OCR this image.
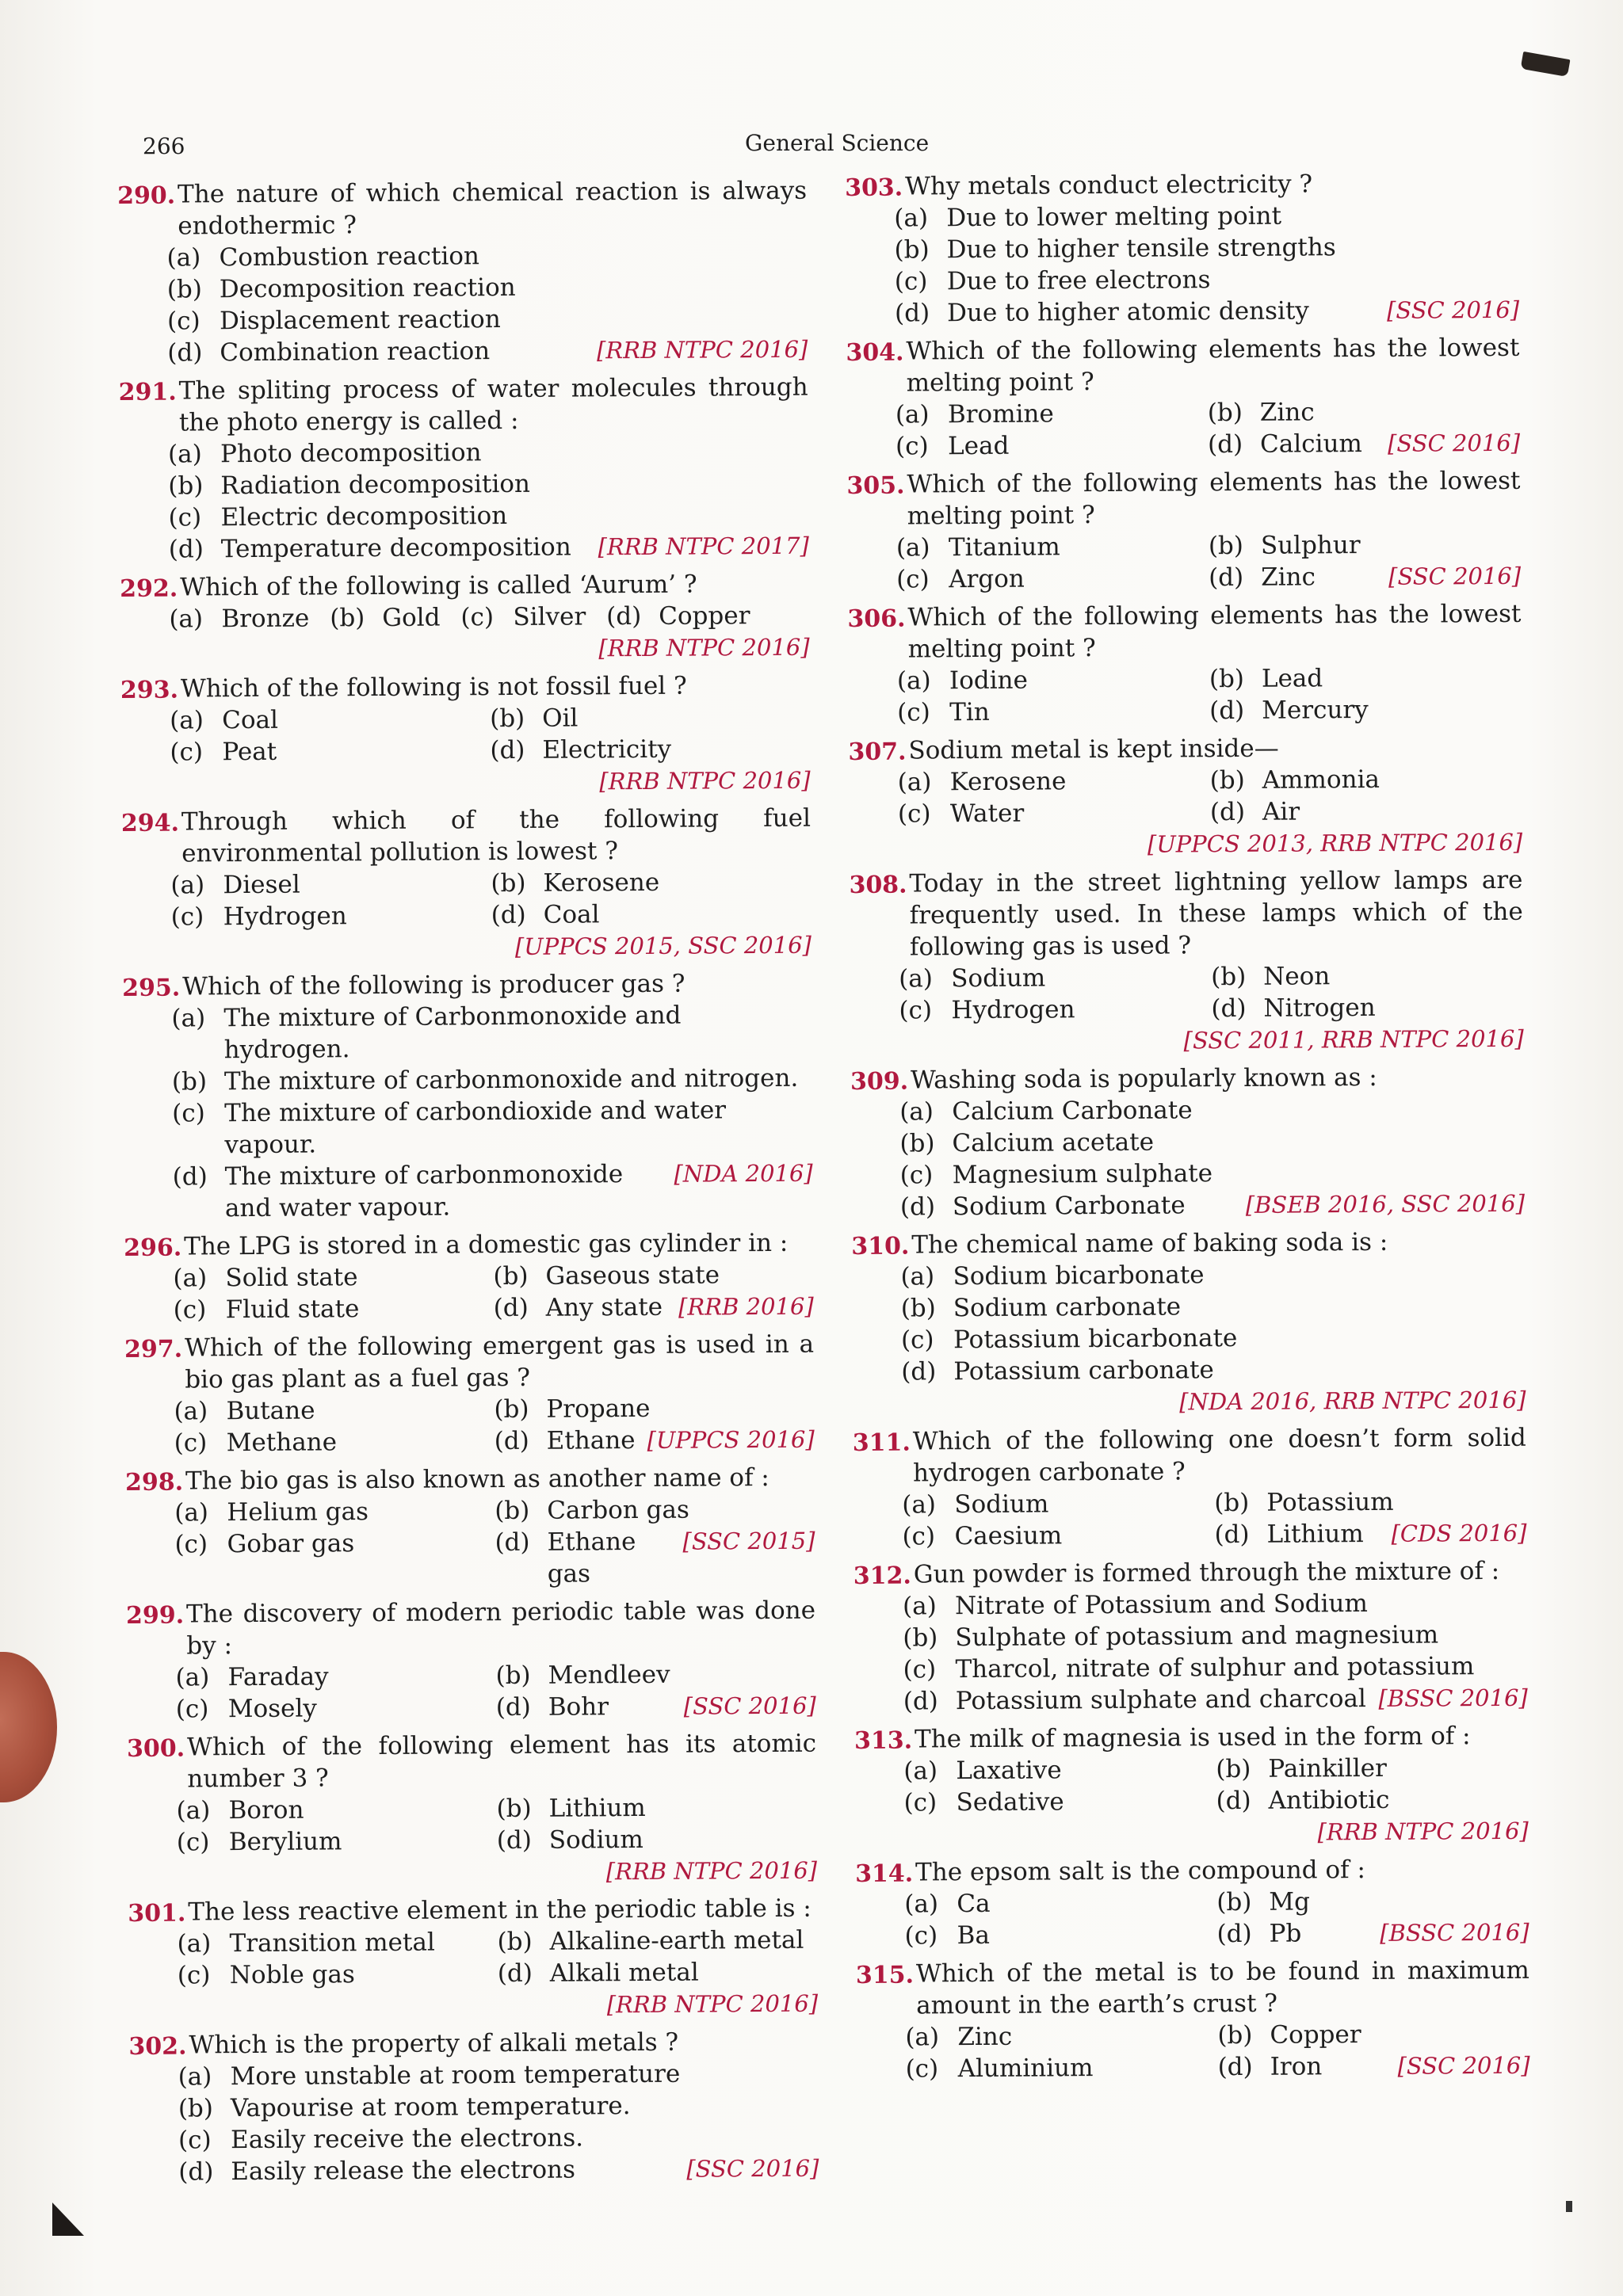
266	General Science
290. The nature of which chemical reaction is always endothermic ?
(a) Combustion reaction
(b) Decomposition reaction
(c) Displacement reaction
(d) Combination reaction	[RRB NTPC 2016]
291. The spliting process of water molecules through the photo energy is called :
(a) Photo decomposition
(b) Radiation decomposition
(c) Electric decomposition
(d) Temperature decomposition	[RRB NTPC 2017]
292. Which of the following is called ‘Aurum’ ?
(a) Bronze (b) Gold (c) Silver (d) Copper
[RRB NTPC 2016]
293. Which of the following is not fossil fuel ?
(a) Coal	(b) Oil
(c) Peat	(d) Electricity
[RRB NTPC 2016]
294. Through which of the following fuel environmental pollution is lowest ?
(a) Diesel	(b) Kerosene
(c) Hydrogen	(d) Coal
[UPPCS 2015, SSC 2016]
295. Which of the following is producer gas ?
(a) The mixture of Carbonmonoxide and hydrogen.
(b) The mixture of carbonmonoxide and nitrogen.
(c) The mixture of carbondioxide and water vapour.
(d) The mixture of carbonmonoxide and water vapour.
[NDA 2016]
296. The LPG is stored in a domestic gas cylinder in :
(a) Solid state	(b) Gaseous state
(c) Fluid state	(d) Any state [RRB 2016]
297. Which of the following emergent gas is used in a bio gas plant as a fuel gas ?
(a) Butane	(b) Propane
(c) Methane	(d) Ethane [UPPCS 2016]
298. The bio gas is also known as another name of :
(a) Helium gas	(b) Carbon gas
(c) Gobar gas	(d) Ethane gas
[SSC 2015]
299. The discovery of modern periodic table was done by :
(a) Faraday	(b) Mendleev
(c) Mosely	(d) Bohr	[SSC 2016]
300. Which of the following element has its atomic number 3 ?
(a) Boron	(b) Lithium
(c) Berylium	(d) Sodium
[RRB NTPC 2016]
301. The less reactive element in the periodic table is :
(a) Transition metal	(b) Alkaline-earth metal
(c) Noble gas	(d) Alkali metal
[RRB NTPC 2016]
302. Which is the property of alkali metals ?
(a) More unstable at room temperature
(b) Vapourise at room temperature.
(c) Easily receive the electrons.
(d) Easily release the electrons	[SSC 2016]
303. Why metals conduct electricity ?
(a) Due to lower melting point
(b) Due to higher tensile strengths
(c) Due to free electrons
(d) Due to higher atomic density	[SSC 2016]
304. Which of the following elements has the lowest melting point ?
(a) Bromine	(b) Zinc
(c) Lead	(d) Calcium	[SSC 2016]
305. Which of the following elements has the lowest melting point ?
(a) Titanium	(b) Sulphur
(c) Argon	(d) Zinc	[SSC 2016]
306. Which of the following elements has the lowest melting point ?
(a) Iodine	(b) Lead
(c) Tin	(d) Mercury
307. Sodium metal is kept inside—
(a) Kerosene	(b) Ammonia
(c) Water	(d) Air
[UPPCS 2013, RRB NTPC 2016]
308. Today in the street lightning yellow lamps are frequently used. In these lamps which of the following gas is used ?
(a) Sodium	(b) Neon
(c) Hydrogen	(d) Nitrogen
[SSC 2011, RRB NTPC 2016]
309. Washing soda is popularly known as :
(a) Calcium Carbonate
(b) Calcium acetate
(c) Magnesium sulphate
(d) Sodium Carbonate	[BSEB 2016, SSC 2016]
310. The chemical name of baking soda is :
(a) Sodium bicarbonate
(b) Sodium carbonate
(c) Potassium bicarbonate
(d) Potassium carbonate
[NDA 2016, RRB NTPC 2016]
311. Which of the following one doesn’t form solid hydrogen carbonate ?
(a) Sodium	(b) Potassium
(c) Caesium	(d) Lithium	[CDS 2016]
312. Gun powder is formed through the mixture of :
(a) Nitrate of Potassium and Sodium
(b) Sulphate of potassium and magnesium
(c) Tharcol, nitrate of sulphur and potassium
(d) Potassium sulphate and charcoal [BSSC 2016]
313. The milk of magnesia is used in the form of :
(a) Laxative	(b) Painkiller
(c) Sedative	(d) Antibiotic
[RRB NTPC 2016]
314. The epsom salt is the compound of :
(a) Ca	(b) Mg
(c) Ba	(d) Pb	[BSSC 2016]
315. Which of the metal is to be found in maximum amount in the earth’s crust ?
(a) Zinc	(b) Copper
(c) Aluminium	(d) Iron	[SSC 2016]
